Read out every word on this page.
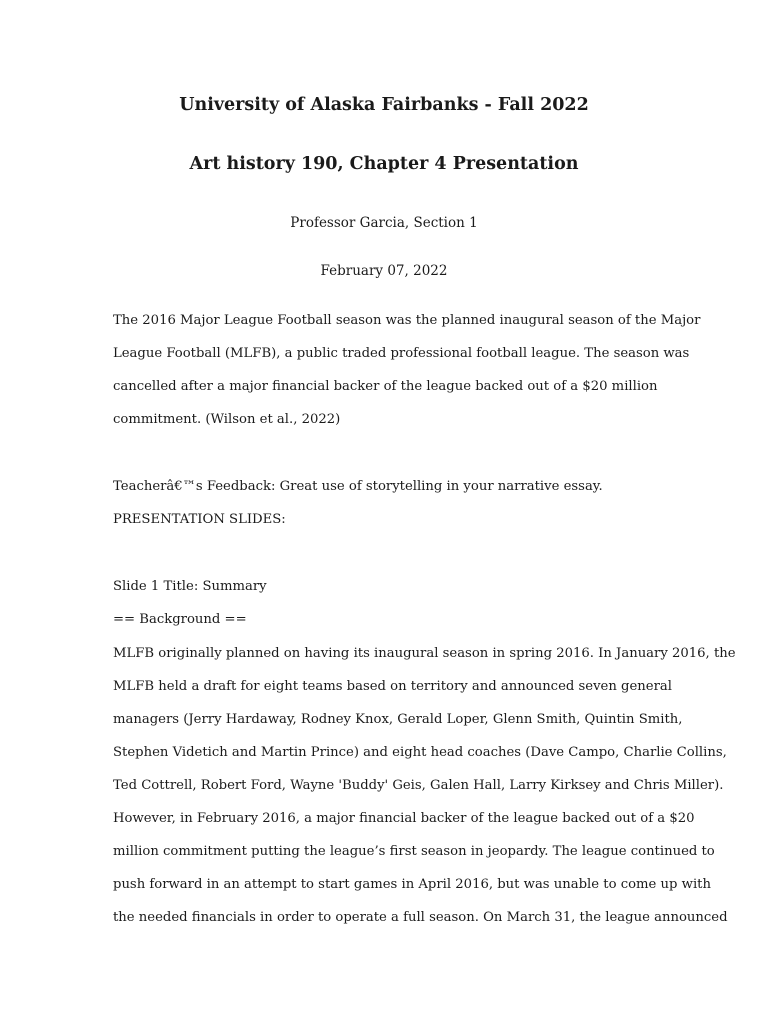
University of Alaska Fairbanks - Fall 2022
Art history 190, Chapter 4 Presentation

Professor Garcia, Section 1

February 07, 2022

The 2016 Major League Football season was the planned inaugural season of the Major
League Football (MLFB), a public traded professional football league. The season was
cancelled after a major financial backer of the league backed out of a $20 million
commitment. (Wilson et al., 2022)

Teacherâ€™s Feedback: Great use of storytelling in your narrative essay.

PRESENTATION SLIDES:

Slide 1 Title: Summary

== Background ==

MLFB originally planned on having its inaugural season in spring 2016. In January 2016, the
MLFB held a draft for eight teams based on territory and announced seven general
managers (Jerry Hardaway, Rodney Knox, Gerald Loper, Glenn Smith, Quintin Smith,
Stephen Videtich and Martin Prince) and eight head coaches (Dave Campo, Charlie Collins,
Ted Cottrell, Robert Ford, Wayne 'Buddy' Geis, Galen Hall, Larry Kirksey and Chris Miller).
However, in February 2016, a major financial backer of the league backed out of a $20
million commitment putting the league’s first season in jeopardy. The league continued to
push forward in an attempt to start games in April 2016, but was unable to come up with
the needed financials in order to operate a full season. On March 31, the league announced
